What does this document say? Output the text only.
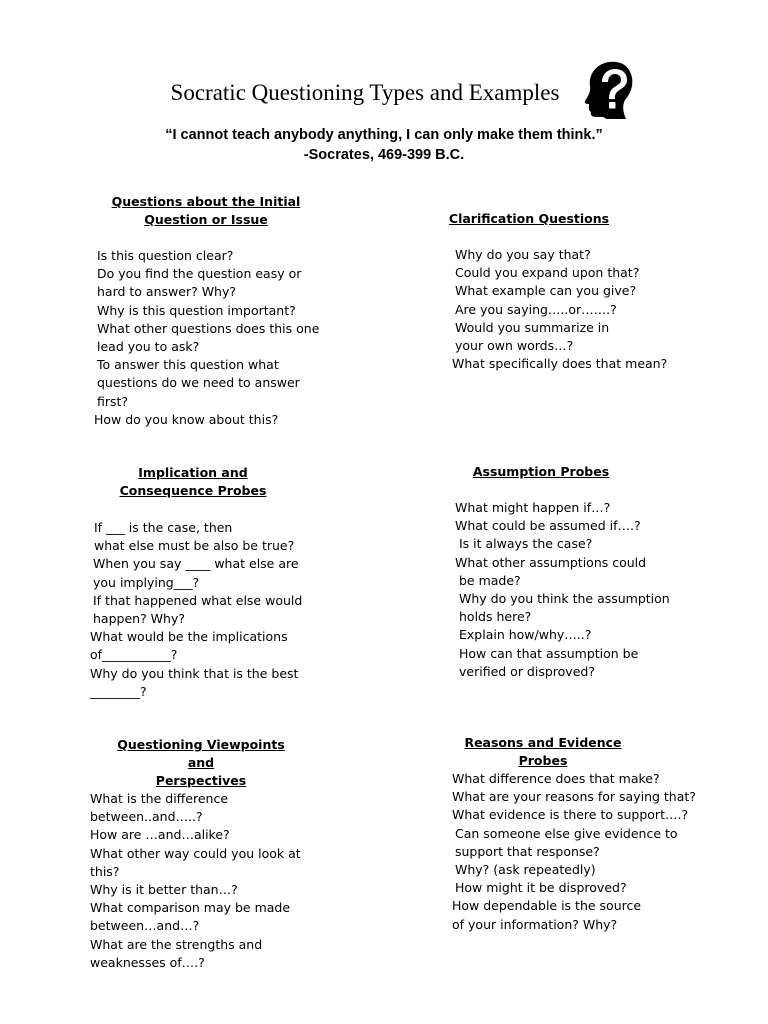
Socratic Questioning Types and Examples
“I cannot teach anybody anything, I can only make them think.”
-Socrates, 469-399 B.C.
Questions about the Initial
Question or Issue
Is this question clear?
Do you find the question easy or
hard to answer? Why?
Why is this question important?
What other questions does this one
lead you to ask?
To answer this question what
questions do we need to answer
first?
How do you know about this?
Clarification Questions
Why do you say that?
Could you expand upon that?
What example can you give?
Are you saying…..or…….?
Would you summarize in
your own words…?
What specifically does that mean?
Implication and
Consequence Probes
If ___ is the case, then
what else must be also be true?
When you say ____ what else are
you implying___?
If that happened what else would
happen? Why?
What would be the implications
of___________?
Why do you think that is the best
________?
Assumption Probes
What might happen if…?
What could be assumed if….?
Is it always the case?
What other assumptions could
be made?
Why do you think the assumption
holds here?
Explain how/why…..?
How can that assumption be
verified or disproved?
Questioning Viewpoints and
Perspectives
What is the difference
between..and…..?
How are …and…alike?
What other way could you look at
this?
Why is it better than…?
What comparison may be made
between…and…?
What are the strengths and
weaknesses of….?
Reasons and Evidence Probes
What difference does that make?
What are your reasons for saying that?
What evidence is there to support….?
Can someone else give evidence to
support that response?
Why? (ask repeatedly)
How might it be disproved?
How dependable is the source
of your information? Why?
